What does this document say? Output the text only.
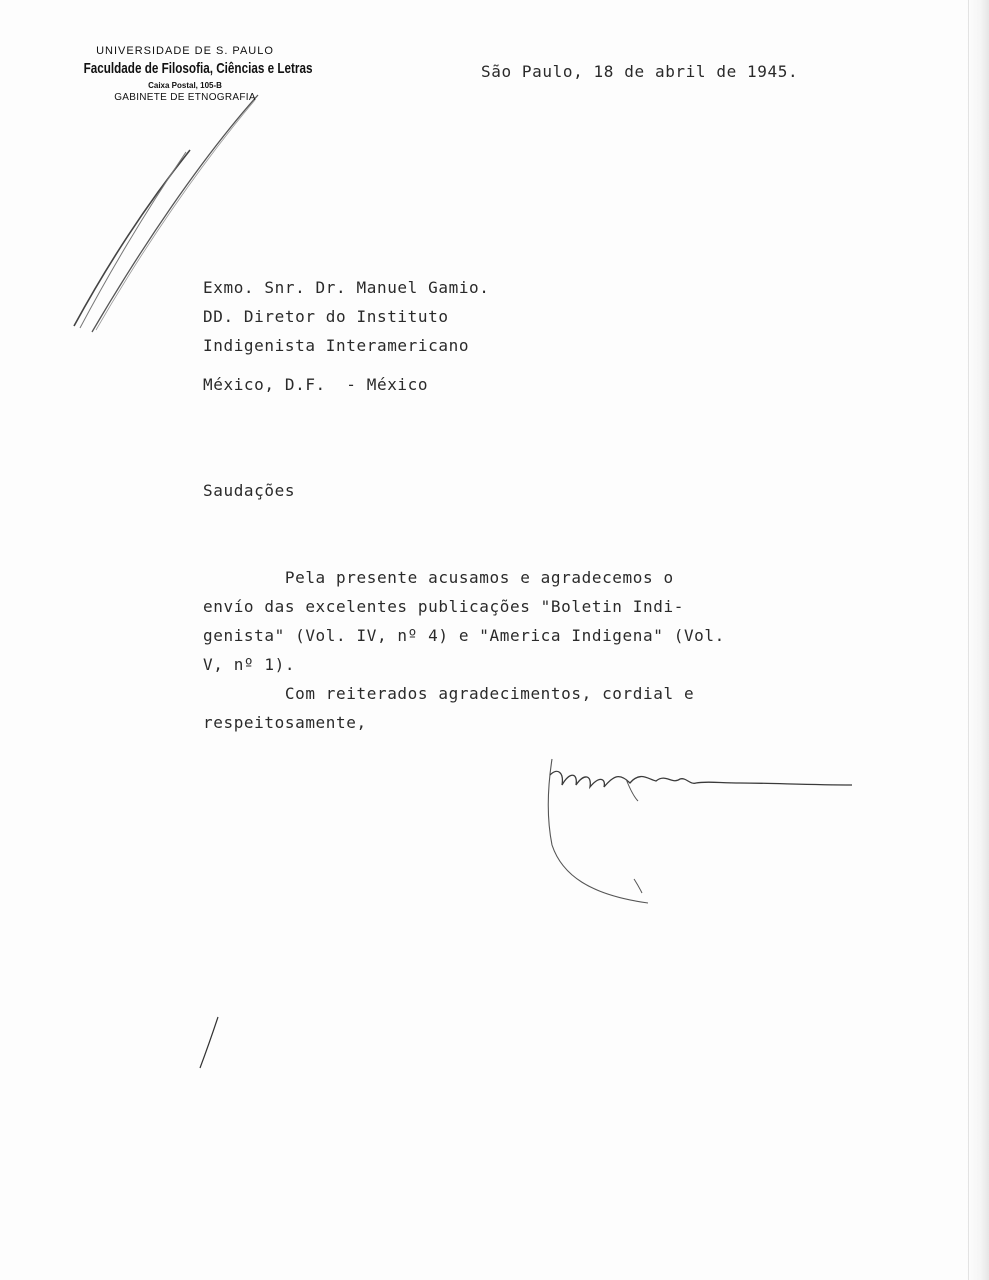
UNIVERSIDADE DE S. PAULO
Faculdade de Filosofia, Ciências e Letras
Caixa Postal, 105-B
GABINETE DE ETNOGRAFIA
São Paulo, 18 de abril de 1945.
Exmo. Snr. Dr. Manuel Gamio.
DD. Diretor do Instituto
Indigenista Interamericano
México, D.F.  - México
Saudações
Pela presente acusamos e agradecemos o
envío das excelentes publicações "Boletin Indi-
genista" (Vol. IV, nº 4) e "America Indigena" (Vol.
V, nº 1).
Com reiterados agradecimentos, cordial e
respeitosamente,
